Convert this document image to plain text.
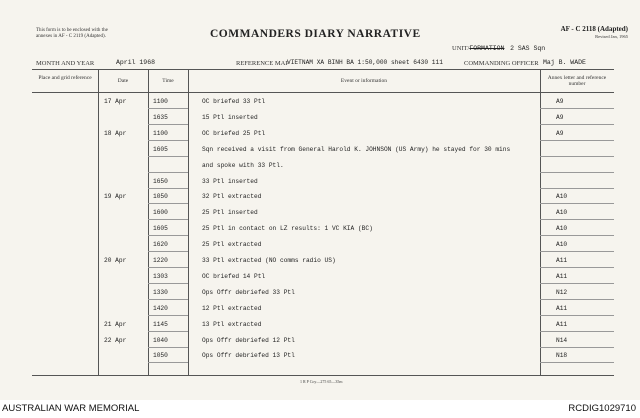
This form is to be enclosed with the annexes in AF - C 2119 (Adapted).	COMMANDERS DIARY NARRATIVE	AF - C 2118 (Adapted)
Revised Jan, 1965
UNIT/FORMATION 2 SAS Sqn
MONTH AND YEAR	April 1968	REFERENCE MAP
VIETNAM XA BINH BA 1:50,000 sheet 6430 111	COMMANDING OFFICER Maj B. WADE
Place and grid reference	Date	Time	Event or information	Annex letter and reference number
17 Apr	1100	OC briefed 33 Ptl	A9
1635	15 Ptl inserted	A9
18 Apr	1100	OC briefed 25 Ptl	A9
1605	Sqn received a visit from General Harold K. JOHNSON (US Army) he stayed for 30 mins
and spoke with 33 Ptl.
1650	33 Ptl inserted
19 Apr	1050	32 Ptl extracted	A10
1600	25 Ptl inserted	A10
1605	25 Ptl in contact on LZ results: 1 VC KIA (BC)	A10
1620	25 Ptl extracted	A10
20 Apr	1220	33 Ptl extracted (NO comms radio US)	A11
1303	OC briefed 14 Ptl	A11
1330	Ops Offr debriefed 33 Ptl	N12
1420	12 Ptl extracted	A11
21 Apr	1145	13 Ptl extracted	A11
22 Apr	1040	Ops Offr debriefed 12 Ptl	N14
1050	Ops Offr debriefed 13 Ptl	N18
1 R P Coy—275 65—35m
AUSTRALIAN WAR MEMORIAL	RCDIG1029710
